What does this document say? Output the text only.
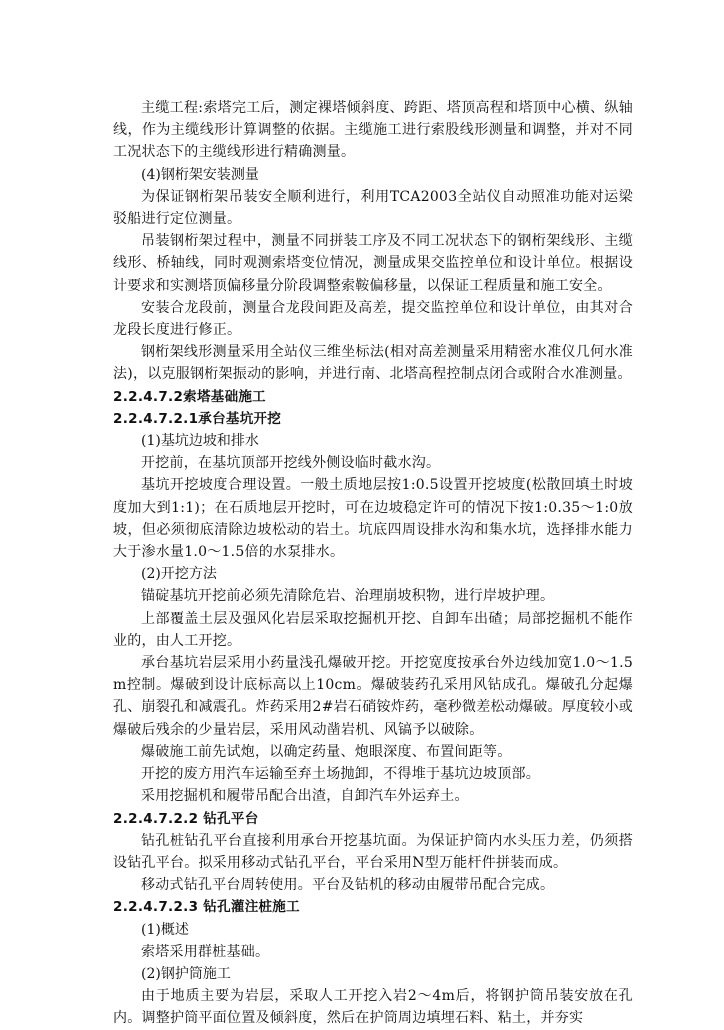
主缆工程:索塔完工后，测定裸塔倾斜度、跨距、塔顶高程和塔顶中心横、纵轴线，作为主缆线形计算调整的依据。主缆施工进行索股线形测量和调整，并对不同工况状态下的主缆线形进行精确测量。

(4)钢桁架安装测量

为保证钢桁架吊装安全顺利进行，利用TCA2003全站仪自动照准功能对运梁驳船进行定位测量。

吊装钢桁架过程中，测量不同拼装工序及不同工况状态下的钢桁架线形、主缆线形、桥轴线，同时观测索塔变位情况，测量成果交监控单位和设计单位。根据设计要求和实测塔顶偏移量分阶段调整索鞍偏移量，以保证工程质量和施工安全。

安装合龙段前，测量合龙段间距及高差，提交监控单位和设计单位，由其对合龙段长度进行修正。

钢桁架线形测量采用全站仪三维坐标法(相对高差测量采用精密水准仪几何水准法)，以克服钢桁架振动的影响，并进行南、北塔高程控制点闭合或附合水准测量。

2.2.4.7.2索塔基础施工

2.2.4.7.2.1承台基坑开挖

(1)基坑边坡和排水

开挖前，在基坑顶部开挖线外侧设临时截水沟。

基坑开挖坡度合理设置。一般土质地层按1:0.5设置开挖坡度(松散回填土时坡度加大到1:1)；在石质地层开挖时，可在边坡稳定许可的情况下按1:0.35～1:0放坡，但必须彻底清除边坡松动的岩土。坑底四周设排水沟和集水坑，选择排水能力大于渗水量1.0～1.5倍的水泵排水。

(2)开挖方法

锚碇基坑开挖前必须先清除危岩、治理崩坡积物，进行岸坡护理。

上部覆盖土层及强风化岩层采取挖掘机开挖、自卸车出碴；局部挖掘机不能作业的，由人工开挖。

承台基坑岩层采用小药量浅孔爆破开挖。开挖宽度按承台外边线加宽1.0～1.5m控制。爆破到设计底标高以上10cm。爆破装药孔采用风钻成孔。爆破孔分起爆孔、崩裂孔和减震孔。炸药采用2#岩石硝铵炸药，毫秒微差松动爆破。厚度较小或爆破后残余的少量岩层，采用风动凿岩机、风镐予以破除。

爆破施工前先试炮，以确定药量、炮眼深度、布置间距等。

开挖的废方用汽车运输至弃土场抛卸，不得堆于基坑边坡顶部。

采用挖掘机和履带吊配合出渣，自卸汽车外运弃土。

2.2.4.7.2.2 钻孔平台

钻孔桩钻孔平台直接利用承台开挖基坑面。为保证护筒内水头压力差，仍须搭设钻孔平台。拟采用移动式钻孔平台，平台采用N型万能杆件拼装而成。

移动式钻孔平台周转使用。平台及钻机的移动由履带吊配合完成。

2.2.4.7.2.3 钻孔灌注桩施工

(1)概述

索塔采用群桩基础。

(2)钢护筒施工

由于地质主要为岩层，采取人工开挖入岩2～4m后，将钢护筒吊装安放在孔内。调整护筒平面位置及倾斜度，然后在护筒周边填埋石料、粘土，并夯实
